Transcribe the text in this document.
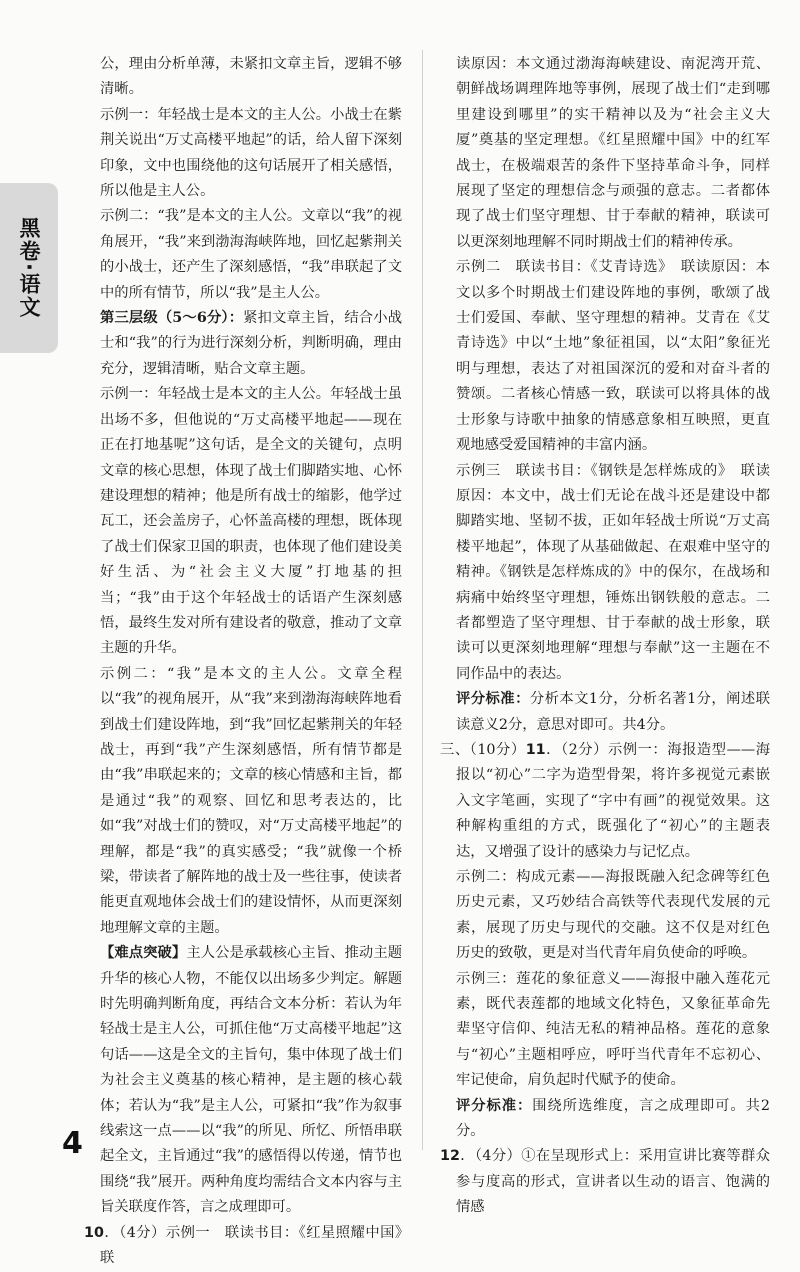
黑卷·语文

公，理由分析单薄，未紧扣文章主旨，逻辑不够清晰。

示例一：年轻战士是本文的主人公。小战士在紫荆关说出“万丈高楼平地起”的话，给人留下深刻印象，文中也围绕他的这句话展开了相关感悟，所以他是主人公。

示例二：“我”是本文的主人公。文章以“我”的视角展开，“我”来到渤海海峡阵地，回忆起紫荆关的小战士，还产生了深刻感悟，“我”串联起了文中的所有情节，所以“我”是主人公。

第三层级（5～6分）：紧扣文章主旨，结合小战士和“我”的行为进行深刻分析，判断明确，理由充分，逻辑清晰，贴合文章主题。

示例一：年轻战士是本文的主人公。年轻战士虽出场不多，但他说的“万丈高楼平地起——现在正在打地基呢”这句话，是全文的关键句，点明文章的核心思想，体现了战士们脚踏实地、心怀建设理想的精神；他是所有战士的缩影，他学过瓦工，还会盖房子，心怀盖高楼的理想，既体现了战士们保家卫国的职责，也体现了他们建设美好生活、为“社会主义大厦”打地基的担当；“我”由于这个年轻战士的话语产生深刻感悟，最终生发对所有建设者的敬意，推动了文章主题的升华。

示例二：“我”是本文的主人公。文章全程以“我”的视角展开，从“我”来到渤海海峡阵地看到战士们建设阵地，到“我”回忆起紫荆关的年轻战士，再到“我”产生深刻感悟，所有情节都是由“我”串联起来的；文章的核心情感和主旨，都是通过“我”的观察、回忆和思考表达的，比如“我”对战士们的赞叹，对“万丈高楼平地起”的理解，都是“我”的真实感受；“我”就像一个桥梁，带读者了解阵地的战士及一些往事，使读者能更直观地体会战士们的建设情怀，从而更深刻地理解文章的主题。

【难点突破】主人公是承载核心主旨、推动主题升华的核心人物，不能仅以出场多少判定。解题时先明确判断角度，再结合文本分析：若认为年轻战士是主人公，可抓住他“万丈高楼平地起”这句话——这是全文的主旨句，集中体现了战士们为社会主义奠基的核心精神，是主题的核心载体；若认为“我”是主人公，可紧扣“我”作为叙事线索这一点——以“我”的所见、所忆、所悟串联起全文，主旨通过“我”的感悟得以传递，情节也围绕“我”展开。两种角度均需结合文本内容与主旨关联度作答，言之成理即可。

10．（4分）示例一　联读书目：《红星照耀中国》　联

读原因：本文通过渤海海峡建设、南泥湾开荒、朝鲜战场调理阵地等事例，展现了战士们“走到哪里建设到哪里”的实干精神以及为“社会主义大厦”奠基的坚定理想。《红星照耀中国》中的红军战士，在极端艰苦的条件下坚持革命斗争，同样展现了坚定的理想信念与顽强的意志。二者都体现了战士们坚守理想、甘于奉献的精神，联读可以更深刻地理解不同时期战士们的精神传承。

示例二　联读书目：《艾青诗选》　联读原因：本文以多个时期战士们建设阵地的事例，歌颂了战士们爱国、奉献、坚守理想的精神。艾青在《艾青诗选》中以“土地”象征祖国，以“太阳”象征光明与理想，表达了对祖国深沉的爱和对奋斗者的赞颂。二者核心情感一致，联读可以将具体的战士形象与诗歌中抽象的情感意象相互映照，更直观地感受爱国精神的丰富内涵。

示例三　联读书目：《钢铁是怎样炼成的》　联读原因：本文中，战士们无论在战斗还是建设中都脚踏实地、坚韧不拔，正如年轻战士所说“万丈高楼平地起”，体现了从基础做起、在艰难中坚守的精神。《钢铁是怎样炼成的》中的保尔，在战场和病痛中始终坚守理想，锤炼出钢铁般的意志。二者都塑造了坚守理想、甘于奉献的战士形象，联读可以更深刻地理解“理想与奉献”这一主题在不同作品中的表达。

评分标准：分析本文1分，分析名著1分，阐述联读意义2分，意思对即可。共4分。

三、（10分）11．（2分）示例一：海报造型——海报以“初心”二字为造型骨架，将许多视觉元素嵌入文字笔画，实现了“字中有画”的视觉效果。这种解构重组的方式，既强化了“初心”的主题表达，又增强了设计的感染力与记忆点。

示例二：构成元素——海报既融入纪念碑等红色历史元素，又巧妙结合高铁等代表现代发展的元素，展现了历史与现代的交融。这不仅是对红色历史的致敬，更是对当代青年肩负使命的呼唤。

示例三：莲花的象征意义——海报中融入莲花元素，既代表莲都的地域文化特色，又象征革命先辈坚守信仰、纯洁无私的精神品格。莲花的意象与“初心”主题相呼应，呼吁当代青年不忘初心、牢记使命，肩负起时代赋予的使命。

评分标准：围绕所选维度，言之成理即可。共2分。

12．（4分）①在呈现形式上：采用宣讲比赛等群众参与度高的形式，宣讲者以生动的语言、饱满的情感

4
